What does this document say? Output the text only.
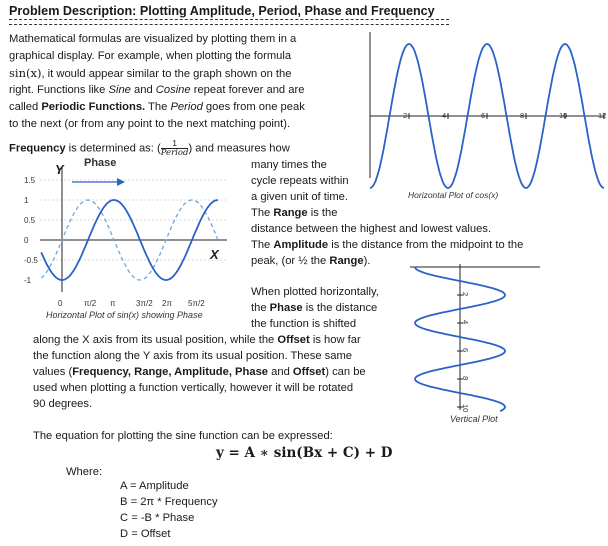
Problem Description: Plotting Amplitude, Period, Phase and Frequency
Mathematical formulas are visualized by plotting them in a
graphical display. For example, when plotting the formula
sin(x), it would appear similar to the graph shown on the
right. Functions like Sine and Cosine repeat forever and are
called Periodic Functions. The Period goes from one peak
to the next (or from any point to the next matching point).
Frequency is determined as: ( $\frac{1}{\text{Period}}$ ) and measures how
many times the
cycle repeats within
a given unit of time.
The Range is the
distance between the highest and lowest values.
The Amplitude is the distance from the midpoint to the
peak, (or ½ the Range).
When plotted horizontally,
the Phase is the distance
the function is shifted
along the X axis from its usual position, while the Offset is how far
the function along the Y axis from its usual position. These same
values (Frequency, Range, Amplitude, Phase and Offset) can be
used when plotting a function vertically, however it will be rotated
90 degrees.
The equation for plotting the sine function can be expressed:
y = A ∗ sin(Bx + C) + D
Where:
A = Amplitude
B = 2π * Frequency
C = -B * Phase
D = Offset
2	4	6	8	10	12
Horizontal Plot of cos(x)
Phase
Y
X
1.5
1
0.5
0
-0.5
-1
0	π/2 π	3π/2 2π 5π/2
Horizontal Plot of sin(x) showing Phase
2
4
6
8
10
Vertical Plot
